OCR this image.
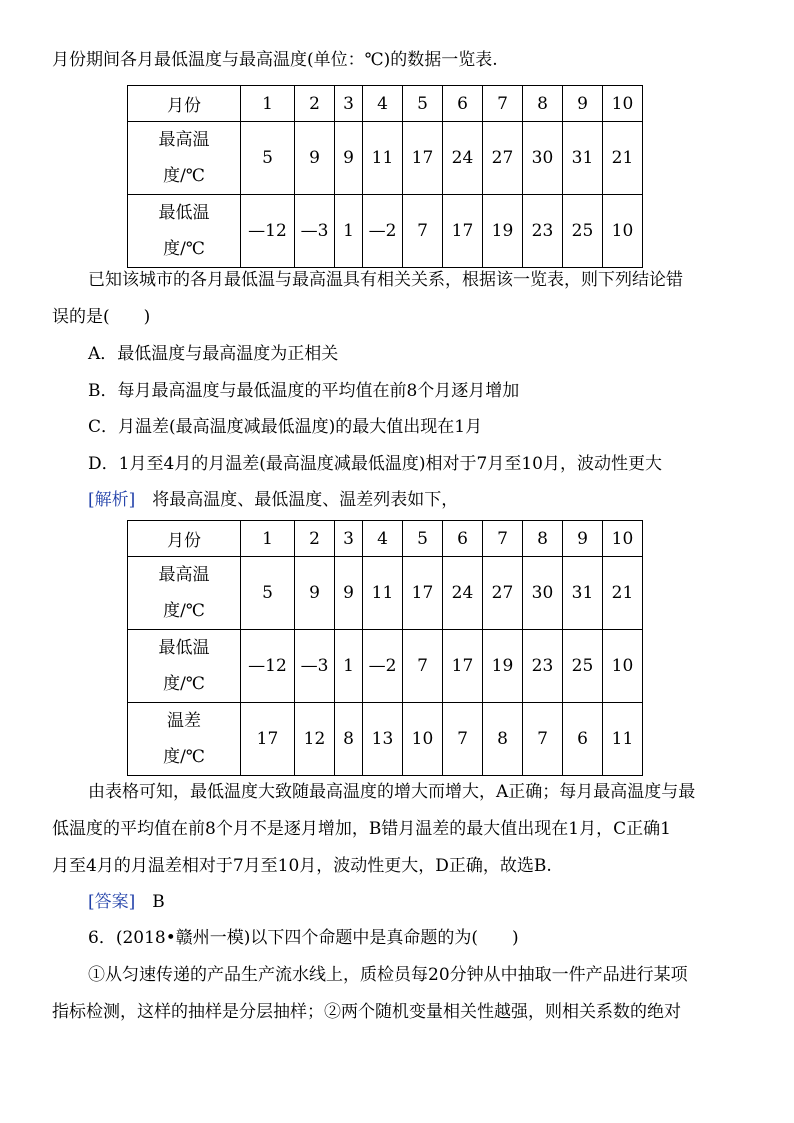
月份期间各月最低温度与最高温度(单位：℃)的数据一览表.
月份	1	2	3	4	5	6	7	8	9	10
最高温
度/℃	5	9	9	11	17	24	27	30	31	21
最低温
度/℃	—12	—3	1	—2	7	17	19	23	25	10
已知该城市的各月最低温与最高温具有相关关系，根据该一览表，则下列结论错
误的是(　　)
A．最低温度与最高温度为正相关
B．每月最高温度与最低温度的平均值在前8个月逐月增加
C．月温差(最高温度减最低温度)的最大值出现在1月
D．1月至4月的月温差(最高温度减最低温度)相对于7月至10月，波动性更大
[解析]　 将最高温度、最低温度、温差列表如下，
月份	1	2	3	4	5	6	7	8	9	10
最高温
度/℃	5	9	9	11	17	24	27	30	31	21
最低温
度/℃	—12	—3	1	—2	7	17	19	23	25	10
温差
度/℃	17	12	8	13	10	7	8	7	6	11
由表格可知，最低温度大致随最高温度的增大而增大，A正确；每月最高温度与最
低温度的平均值在前8个月不是逐月增加，B错月温差的最大值出现在1月，C正确1
月至4月的月温差相对于7月至10月，波动性更大，D正确，故选B.
[答案]　 B
6．(2018•赣州一模)以下四个命题中是真命题的为(　　)
①从匀速传递的产品生产流水线上，质检员每20分钟从中抽取一件产品进行某项
指标检测，这样的抽样是分层抽样；②两个随机变量相关性越强，则相关系数的绝对
